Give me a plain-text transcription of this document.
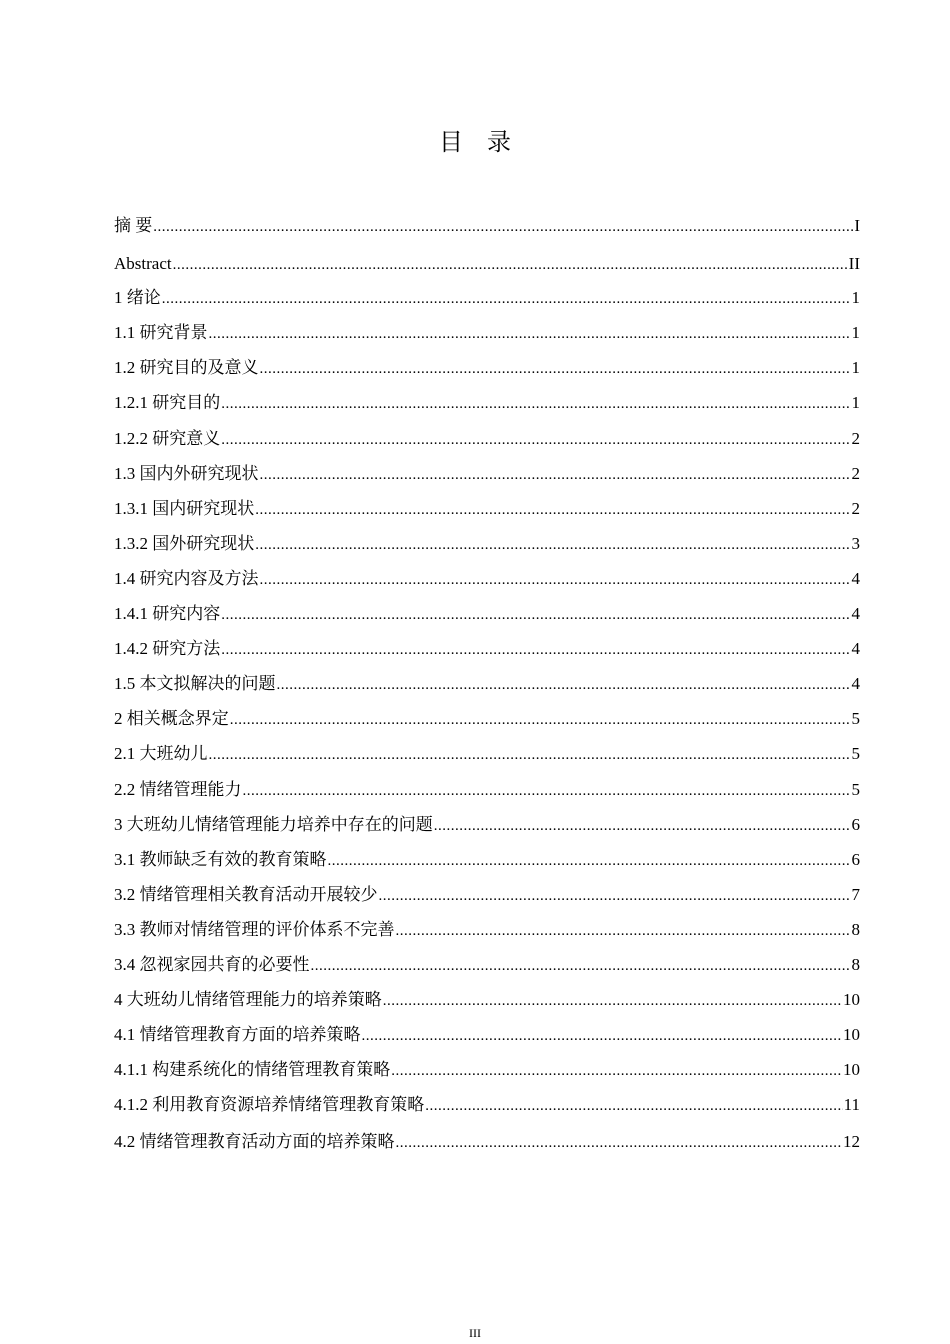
目录
摘 要 .....	I
Abstract .....	II
1 绪论 .....	1
1.1 研究背景 .....	1
1.2 研究目的及意义 .....	1
1.2.1 研究目的 .....	1
1.2.2 研究意义 .....	2
1.3 国内外研究现状 .....	2
1.3.1 国内研究现状 .....	2
1.3.2 国外研究现状 .....	3
1.4 研究内容及方法 .....	4
1.4.1 研究内容 .....	4
1.4.2 研究方法 .....	4
1.5 本文拟解决的问题 .....	4
2 相关概念界定 .....	5
2.1 大班幼儿 .....	5
2.2 情绪管理能力 .....	5
3 大班幼儿情绪管理能力培养中存在的问题 .....	6
3.1 教师缺乏有效的教育策略 .....	6
3.2 情绪管理相关教育活动开展较少 .....	7
3.3 教师对情绪管理的评价体系不完善 .....	8
3.4 忽视家园共育的必要性 .....	8
4 大班幼儿情绪管理能力的培养策略 .....	10
4.1 情绪管理教育方面的培养策略 .....	10
4.1.1 构建系统化的情绪管理教育策略 .....	10
4.1.2 利用教育资源培养情绪管理教育策略 .....	11
4.2 情绪管理教育活动方面的培养策略 .....	12
III
